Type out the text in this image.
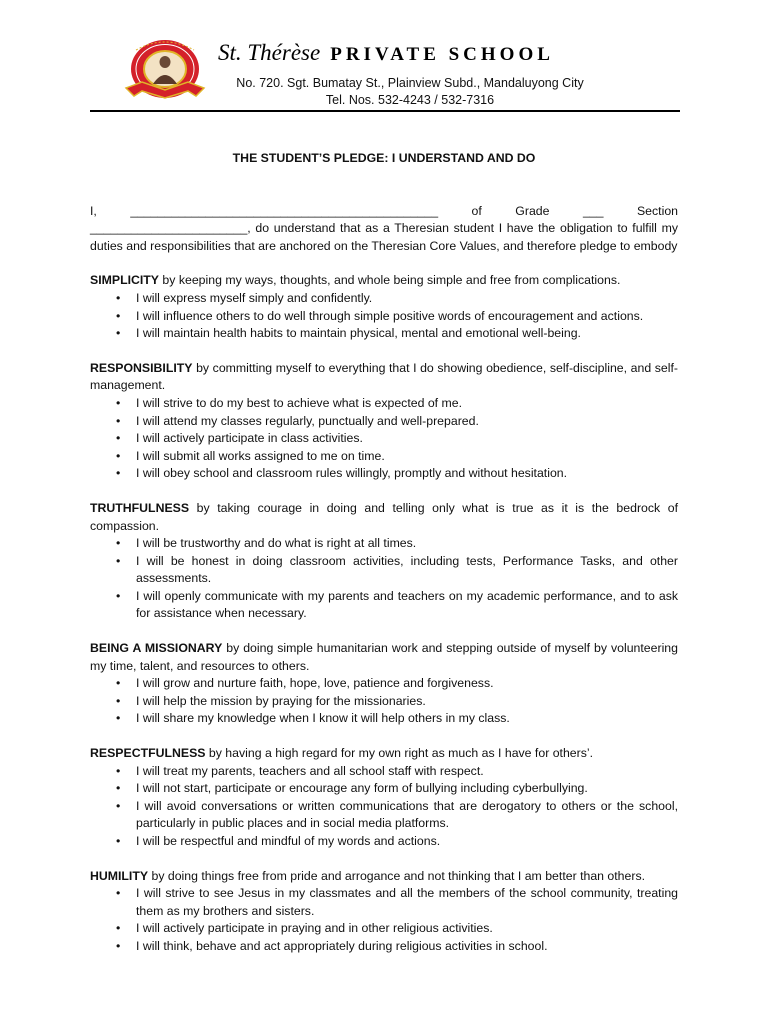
St. Thérèse PRIVATE SCHOOL
No. 720. Sgt. Bumatay St., Plainview Subd., Mandaluyong City
Tel. Nos. 532-4243 / 532-7316
THE STUDENT’S PLEDGE: I UNDERSTAND AND DO

I, _____________________________________________ of Grade ___ Section _______________________, do understand that as a Theresian student I have the obligation to fulfill my duties and responsibilities that are anchored on the Theresian Core Values, and therefore pledge to embody

SIMPLICITY by keeping my ways, thoughts, and whole being simple and free from complications.

• I will express myself simply and confidently.
• I will influence others to do well through simple positive words of encouragement and actions.
• I will maintain health habits to maintain physical, mental and emotional well-being.

RESPONSIBILITY by committing myself to everything that I do showing obedience, self-discipline, and self-management.

• I will strive to do my best to achieve what is expected of me.
• I will attend my classes regularly, punctually and well-prepared.
• I will actively participate in class activities.
• I will submit all works assigned to me on time.
• I will obey school and classroom rules willingly, promptly and without hesitation.

TRUTHFULNESS by taking courage in doing and telling only what is true as it is the bedrock of compassion.

• I will be trustworthy and do what is right at all times.
• I will be honest in doing classroom activities, including tests, Performance Tasks, and other assessments.
• I will openly communicate with my parents and teachers on my academic performance, and to ask for assistance when necessary.

BEING A MISSIONARY by doing simple humanitarian work and stepping outside of myself by volunteering my time, talent, and resources to others.

• I will grow and nurture faith, hope, love, patience and forgiveness.
• I will help the mission by praying for the missionaries.
• I will share my knowledge when I know it will help others in my class.

RESPECTFULNESS by having a high regard for my own right as much as I have for others’.

• I will treat my parents, teachers and all school staff with respect.
• I will not start, participate or encourage any form of bullying including cyberbullying.
• I will avoid conversations or written communications that are derogatory to others or the school, particularly in public places and in social media platforms.
• I will be respectful and mindful of my words and actions.

HUMILITY by doing things free from pride and arrogance and not thinking that I am better than others.

• I will strive to see Jesus in my classmates and all the members of the school community, treating them as my brothers and sisters.
• I will actively participate in praying and in other religious activities.
• I will think, behave and act appropriately during religious activities in school.
